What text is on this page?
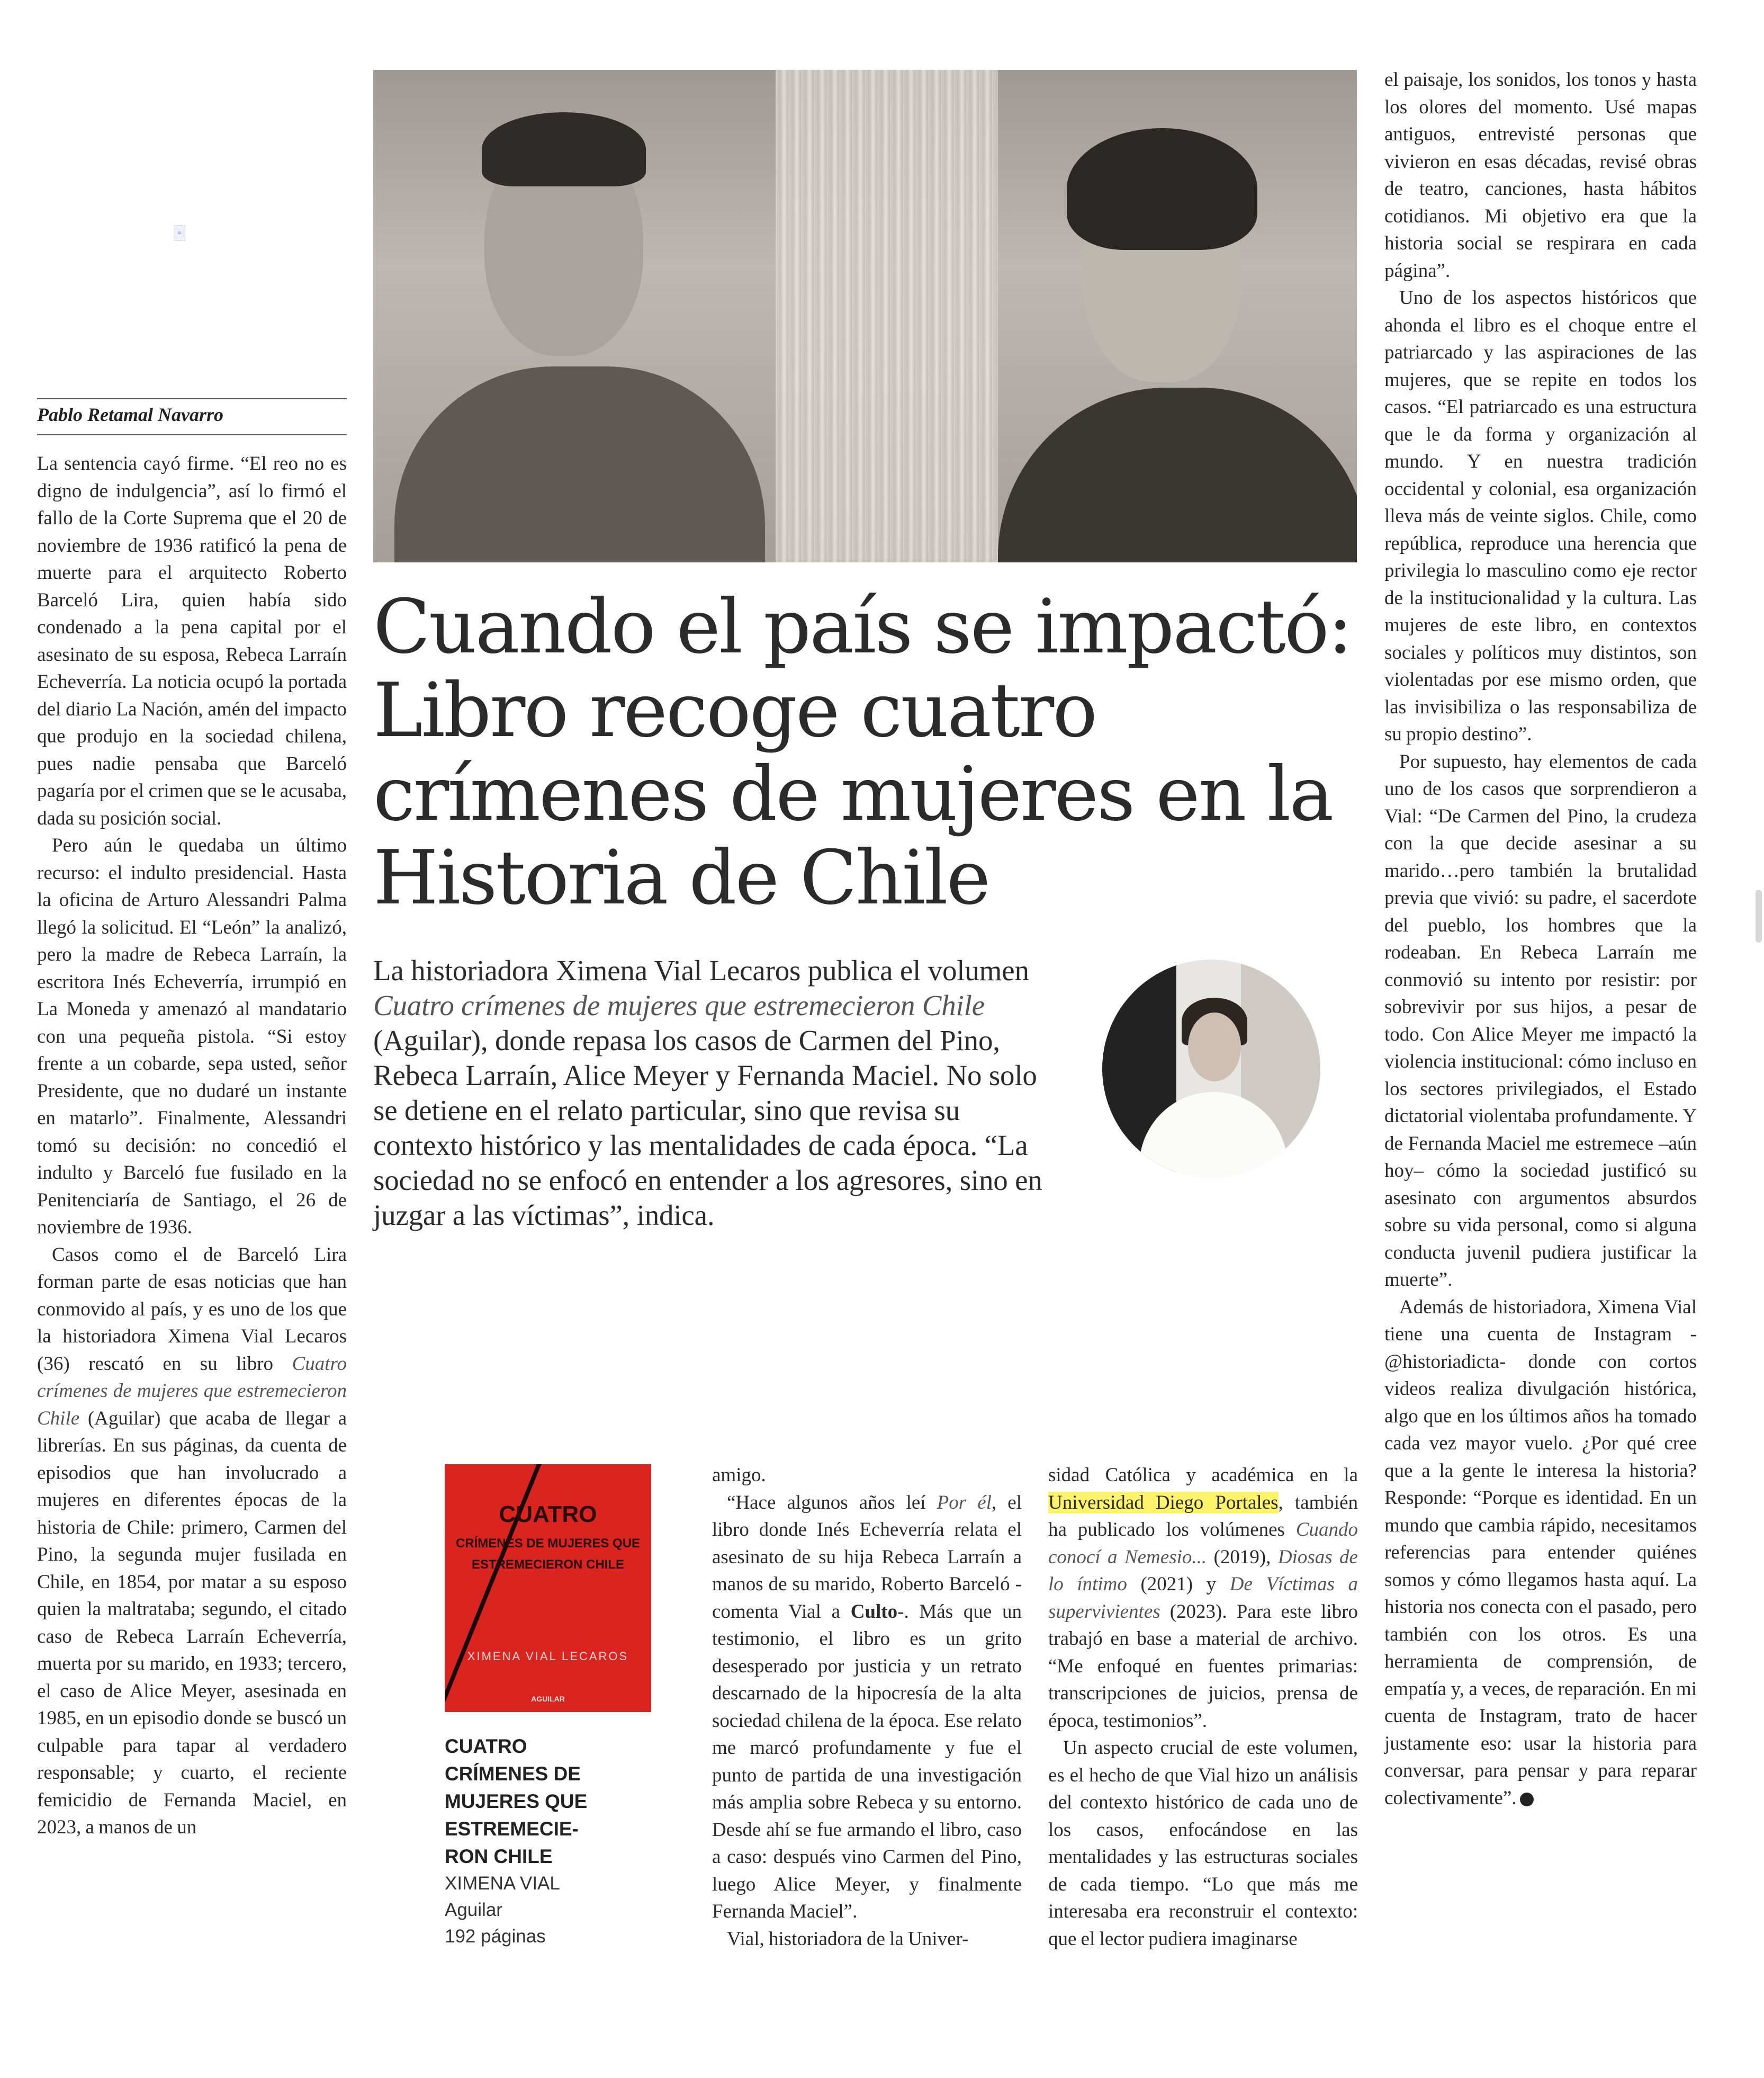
≡
Pablo Retamal Navarro

La sentencia cayó firme. “El reo no es digno de indulgencia”, así lo firmó el fallo de la Corte Suprema que el 20 de noviembre de 1936 ratificó la pena de muerte para el arquitecto Roberto Barceló Lira, quien había sido condenado a la pena capital por el asesinato de su esposa, Rebeca Larraín Echeverría. La noticia ocupó la portada del diario La Nación, amén del impacto que produjo en la sociedad chilena, pues nadie pensaba que Barceló pagaría por el crimen que se le acusaba, dada su posición social.

Pero aún le quedaba un último recurso: el indulto presidencial. Hasta la oficina de Arturo Alessandri Palma llegó la solicitud. El “León” la analizó, pero la madre de Rebeca Larraín, la escritora Inés Echeverría, irrumpió en La Moneda y amenazó al mandatario con una pequeña pistola. “Si estoy frente a un cobarde, sepa usted, señor Presidente, que no dudaré un instante en matarlo”. Finalmente, Alessandri tomó su decisión: no concedió el indulto y Barceló fue fusilado en la Penitenciaría de Santiago, el 26 de noviembre de 1936.

Casos como el de Barceló Lira forman parte de esas noticias que han conmovido al país, y es uno de los que la historiadora Ximena Vial Lecaros (36) rescató en su libro Cuatro crímenes de mujeres que estremecieron Chile (Aguilar) que acaba de llegar a librerías. En sus páginas, da cuenta de episodios que han involucrado a mujeres en diferentes épocas de la historia de Chile: primero, Carmen del Pino, la segunda mujer fusilada en Chile, en 1854, por matar a su esposo quien la maltrataba; segundo, el citado caso de Rebeca Larraín Echeverría, muerta por su marido, en 1933; tercero, el caso de Alice Meyer, asesinada en 1985, en un episodio donde se buscó un culpable para tapar al verdadero responsable; y cuarto, el reciente femicidio de Fernanda Maciel, en 2023, a manos de un

Cuando el país se impactó:
Libro recoge cuatro
crímenes de mujeres en la
Historia de Chile

La historiadora Ximena Vial Lecaros publica el volumen Cuatro crímenes de mujeres que estremecieron Chile (Aguilar), donde repasa los casos de Carmen del Pino, Rebeca Larraín, Alice Meyer y Fernanda Maciel. No solo se detiene en el relato particular, sino que revisa su contexto histórico y las mentalidades de cada época. “La sociedad no se enfocó en entender a los agresores, sino en juzgar a las víctimas”, indica.

CUATRO
CRÍMENES DE MUJERES QUE ESTREMECIERON CHILE
XIMENA VIAL LECAROS
AGUILAR

CUATRO CRÍMENES DE MUJERES QUE ESTREMECIE-RON CHILE

XIMENA VIAL

Aguilar

192 páginas

amigo.

“Hace algunos años leí Por él, el libro donde Inés Echeverría relata el asesinato de su hija Rebeca Larraín a manos de su marido, Roberto Barceló -comenta Vial a Culto-. Más que un testimonio, el libro es un grito desesperado por justicia y un retrato descarnado de la hipocresía de la alta sociedad chilena de la época. Ese relato me marcó profundamente y fue el punto de partida de una investigación más amplia sobre Rebeca y su entorno. Desde ahí se fue armando el libro, caso a caso: después vino Carmen del Pino, luego Alice Meyer, y finalmente Fernanda Maciel”.

Vial, historiadora de la Univer-

sidad Católica y académica en la Universidad Diego Portales, también ha publicado los volúmenes Cuando conocí a Nemesio... (2019), Diosas de lo íntimo (2021) y De Víctimas a supervivientes (2023). Para este libro trabajó en base a material de archivo. “Me enfoqué en fuentes primarias: transcripciones de juicios, prensa de época, testimonios”.

Un aspecto crucial de este volumen, es el hecho de que Vial hizo un análisis del contexto histórico de cada uno de los casos, enfocándose en las mentalidades y las estructuras sociales de cada tiempo. “Lo que más me interesaba era reconstruir el contexto: que el lector pudiera imaginarse

el paisaje, los sonidos, los tonos y hasta los olores del momento. Usé mapas antiguos, entrevisté personas que vivieron en esas décadas, revisé obras de teatro, canciones, hasta hábitos cotidianos. Mi objetivo era que la historia social se respirara en cada página”.

Uno de los aspectos históricos que ahonda el libro es el choque entre el patriarcado y las aspiraciones de las mujeres, que se repite en todos los casos. “El patriarcado es una estructura que le da forma y organización al mundo. Y en nuestra tradición occidental y colonial, esa organización lleva más de veinte siglos. Chile, como república, reproduce una herencia que privilegia lo masculino como eje rector de la institucionalidad y la cultura. Las mujeres de este libro, en contextos sociales y políticos muy distintos, son violentadas por ese mismo orden, que las invisibiliza o las responsabiliza de su propio destino”.

Por supuesto, hay elementos de cada uno de los casos que sorprendieron a Vial: “De Carmen del Pino, la crudeza con la que decide asesinar a su marido…pero también la brutalidad previa que vivió: su padre, el sacerdote del pueblo, los hombres que la rodeaban. En Rebeca Larraín me conmovió su intento por resistir: por sobrevivir por sus hijos, a pesar de todo. Con Alice Meyer me impactó la violencia institucional: cómo incluso en los sectores privilegiados, el Estado dictatorial violentaba profundamente. Y de Fernanda Maciel me estremece –aún hoy– cómo la sociedad justificó su asesinato con argumentos absurdos sobre su vida personal, como si alguna conducta juvenil pudiera justificar la muerte”.

Además de historiadora, Ximena Vial tiene una cuenta de Instagram -@historiadicta- donde con cortos videos realiza divulgación histórica, algo que en los últimos años ha tomado cada vez mayor vuelo. ¿Por qué cree que a la gente le interesa la historia? Responde: “Porque es identidad. En un mundo que cambia rápido, necesitamos referencias para entender quiénes somos y cómo llegamos hasta aquí. La historia nos conecta con el pasado, pero también con los otros. Es una herramienta de comprensión, de empatía y, a veces, de reparación. En mi cuenta de Instagram, trato de hacer justamente eso: usar la historia para conversar, para pensar y para reparar colectivamente”.
